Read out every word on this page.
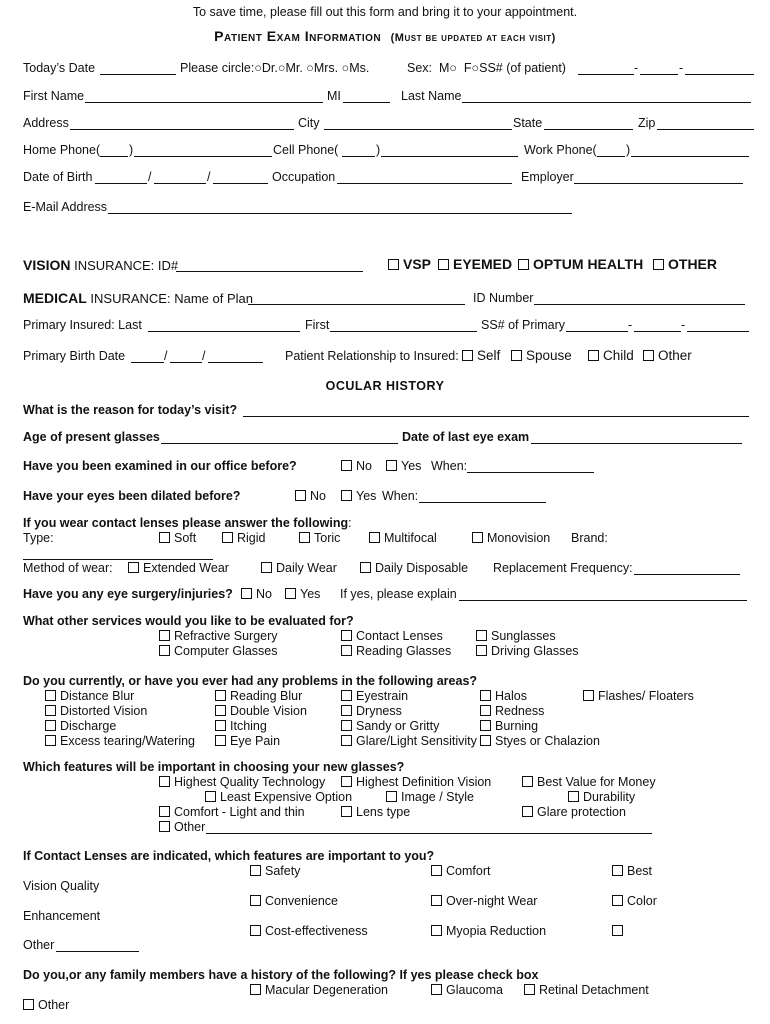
To save time, please fill out this form and bring it to your appointment.
Patient Exam Information (Must be updated at each visit)
Today’s Date	Please circle:○Dr.○Mr. ○Mrs. ○Ms.	Sex: M○ F○SS# (of patient)	-	-
First Name	MI	Last Name
Address	City	State	Zip
Home Phone( )	Cell Phone(	)	Work Phone( )
Date of Birth	/	/	Occupation	Employer
E-Mail Address
VISION INSURANCE: ID#	VSP	EYEMED	OPTUM HEALTH	OTHER
MEDICAL INSURANCE: Name of Plan	ID Number
Primary Insured: Last	First	SS# of Primary	-	-
Primary Birth Date	/	/	Patient Relationship to Insured:	Self	Spouse	Child	Other
OCULAR HISTORY
What is the reason for today’s visit?
Age of present glasses	Date of last eye exam
Have you been examined in our office before?	No	Yes When:
Have your eyes been dilated before?	No	Yes When:
If you wear contact lenses please answer the following:
Type:	Soft	Rigid	Toric	Multifocal	Monovision Brand:
Method of wear:	Extended Wear	Daily Wear	Daily Disposable Replacement Frequency:
Have you any eye surgery/injuries?	No	Yes If yes, please explain
What other services would you like to be evaluated for?
Refractive Surgery	Contact Lenses	Sunglasses
Computer Glasses	Reading Glasses	Driving Glasses
Do you currently, or have you ever had any problems in the following areas?
Distance Blur	Reading Blur	Eyestrain	Halos	Flashes/ Floaters
Distorted Vision	Double Vision	Dryness	Redness
Discharge	Itching	Sandy or Gritty	Burning
Excess tearing/Watering	Eye Pain	Glare/Light Sensitivity	Styes or Chalazion
Which features will be important in choosing your new glasses?
Highest Quality Technology	Highest Definition Vision	Best Value for Money
Least Expensive Option	Image / Style	Durability
Comfort - Light and thin	Lens type	Glare protection
Other
If Contact Lenses are indicated, which features are important to you?
Safety	Comfort	Best
Vision Quality
Convenience	Over-night Wear	Color
Enhancement
Cost-effectiveness	Myopia Reduction
Other
Do you,or any family members have a history of the following? If yes please check box
Macular Degeneration	Glaucoma	Retinal Detachment
Other
